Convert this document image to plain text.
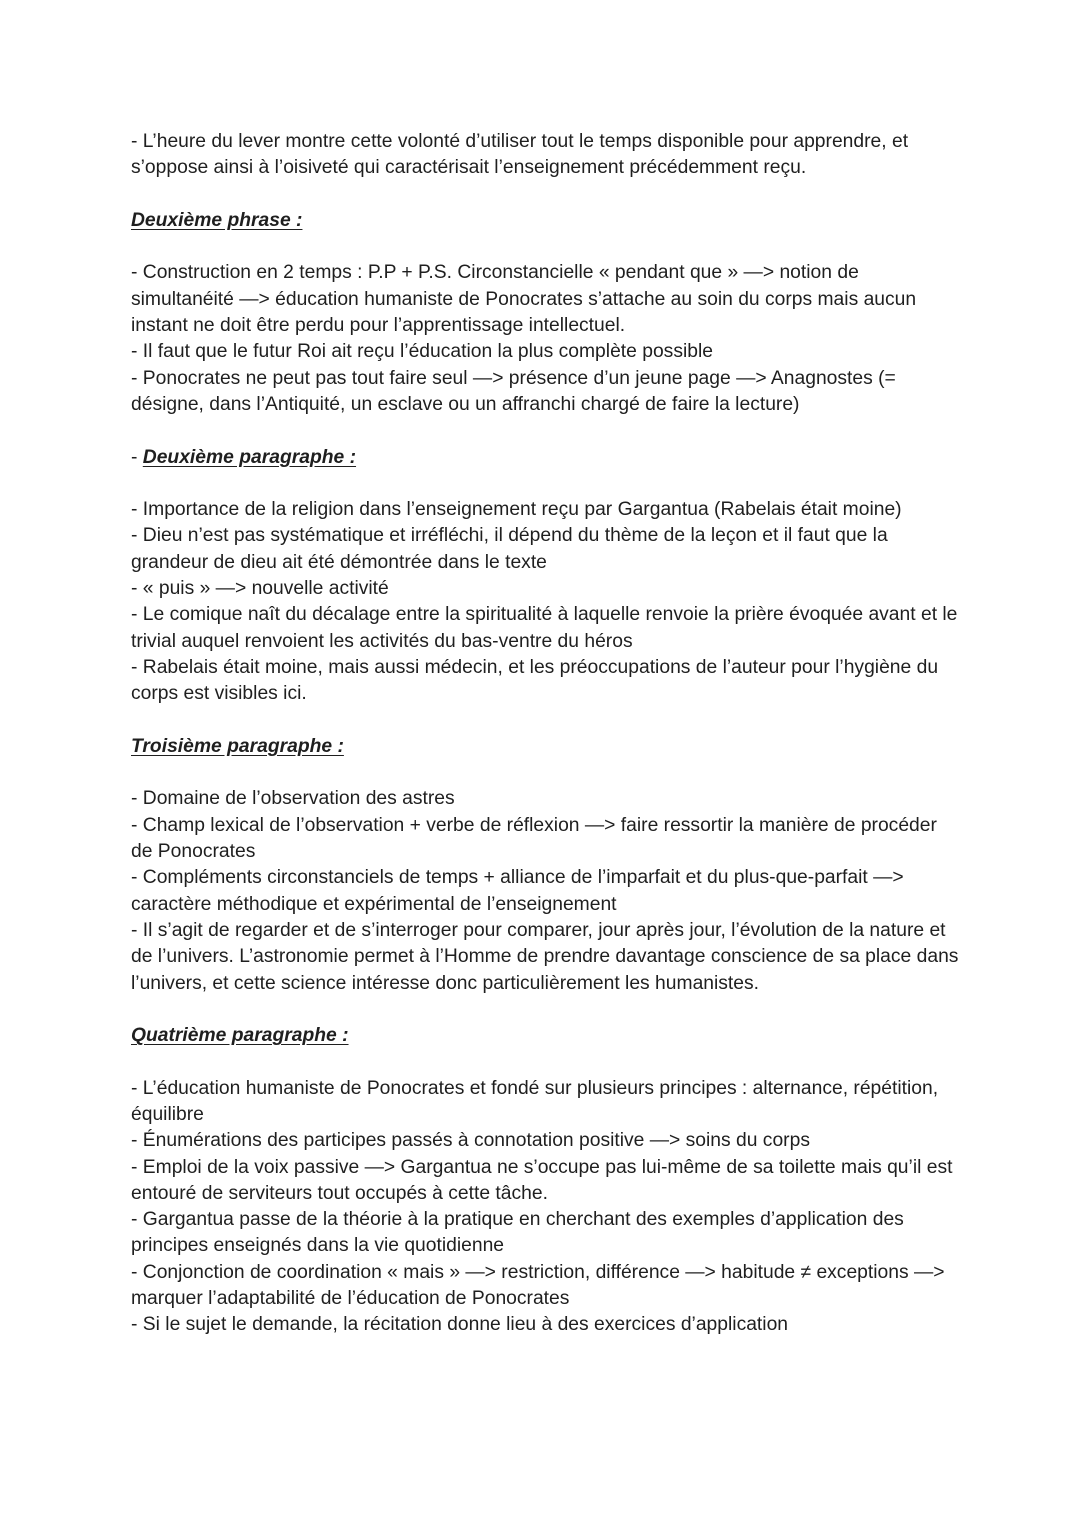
- L’heure du lever montre cette volonté d’utiliser tout le temps disponible pour apprendre, et s’oppose ainsi à l’oisiveté qui caractérisait l’enseignement précédemment reçu.

Deuxième phrase :

- Construction en 2 temps : P.P + P.S. Circonstancielle « pendant que » —> notion de simultanéité —> éducation humaniste de Ponocrates s’attache au soin du corps mais aucun instant ne doit être perdu pour l’apprentissage intellectuel.

- Il faut que le futur Roi ait reçu l’éducation la plus complète possible

- Ponocrates ne peut pas tout faire seul —> présence d’un jeune page —> Anagnostes (= désigne, dans l’Antiquité, un esclave ou un affranchi chargé de faire la lecture)

- Deuxième paragraphe :

- Importance de la religion dans l’enseignement reçu par Gargantua (Rabelais était moine)

- Dieu n’est pas systématique et irréfléchi, il dépend du thème de la leçon et il faut que la grandeur de dieu ait été démontrée dans le texte

- « puis » —> nouvelle activité

- Le comique naît du décalage entre la spiritualité à laquelle renvoie la prière évoquée avant et le trivial auquel renvoient les activités du bas-ventre du héros

- Rabelais était moine, mais aussi médecin, et les préoccupations de l’auteur pour l’hygiène du corps est visibles ici.

Troisième paragraphe :

- Domaine de l’observation des astres

- Champ lexical de l’observation + verbe de réflexion —> faire ressortir la manière de procéder de Ponocrates

- Compléments circonstanciels de temps + alliance de l’imparfait et du plus-que-parfait —> caractère méthodique et expérimental de l’enseignement

- Il s’agit de regarder et de s’interroger pour comparer, jour après jour, l’évolution de la nature et de l’univers. L’astronomie permet à l’Homme de prendre davantage conscience de sa place dans l’univers, et cette science intéresse donc particulièrement les humanistes.

Quatrième paragraphe :

- L’éducation humaniste de Ponocrates et fondé sur plusieurs principes : alternance, répétition, équilibre

- Énumérations des participes passés à connotation positive —> soins du corps

- Emploi de la voix passive —> Gargantua ne s’occupe pas lui-même de sa toilette mais qu’il est entouré de serviteurs tout occupés à cette tâche.

- Gargantua passe de la théorie à la pratique en cherchant des exemples d’application des principes enseignés dans la vie quotidienne

- Conjonction de coordination « mais » —> restriction, différence —> habitude ≠ exceptions —> marquer l’adaptabilité de l’éducation de Ponocrates

- Si le sujet le demande, la récitation donne lieu à des exercices d’application
